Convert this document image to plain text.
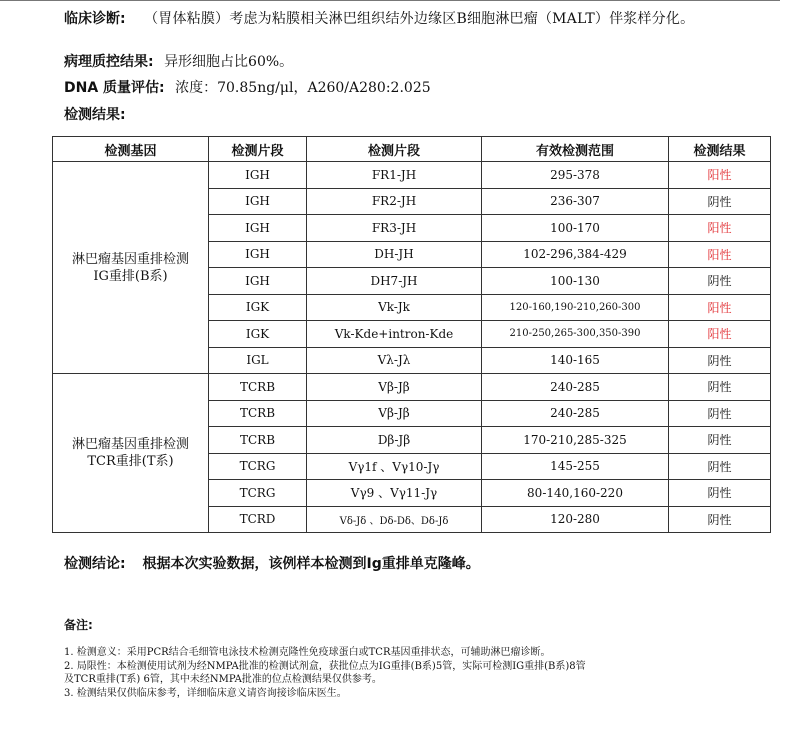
临床诊断: （胃体粘膜）考虑为粘膜相关淋巴组织结外边缘区B细胞淋巴瘤（MALT）伴浆样分化。
病理质控结果: 异形细胞占比60%。
DNA 质量评估: 浓度：70.85ng/μl，A260/A280:2.025
检测结果:
检测基因	检测片段	检测片段	有效检测范围	检测结果

淋巴瘤基因重排检测
IG重排(B系)	IGH	FR1-JH	295-378	阳性
	IGH	FR2-JH	236-307	阴性
	IGH	FR3-JH	100-170	阳性
	IGH	DH-JH	102-296,384-429	阳性
	IGH	DH7-JH	100-130	阴性
	IGK	Vk-Jk	120-160,190-210,260-300	阳性
	IGK	Vk-Kde+intron-Kde	210-250,265-300,350-390	阳性
	IGL	Vλ-Jλ	140-165	阴性

淋巴瘤基因重排检测
TCR重排(T系)	TCRB	Vβ-Jβ	240-285	阴性
	TCRB	Vβ-Jβ	240-285	阴性
	TCRB	Dβ-Jβ	170-210,285-325	阴性
	TCRG	Vγ1f 、Vγ10-Jγ	145-255	阴性
	TCRG	Vγ9 、Vγ11-Jγ	80-140,160-220	阴性
	TCRD	Vδ-Jδ 、Dδ-Dδ、Dδ-Jδ	120-280	阴性
检测结论: 根据本次实验数据，该例样本检测到Ig重排单克隆峰。
备注:
1. 检测意义：采用PCR结合毛细管电泳技术检测克隆性免疫球蛋白或TCR基因重排状态，可辅助淋巴瘤诊断。
2. 局限性：本检测使用试剂为经NMPA批准的检测试剂盒，获批位点为IG重排(B系)5管，实际可检测IG重排(B系)8管
及TCR重排(T系) 6管，其中未经NMPA批准的位点检测结果仅供参考。
3. 检测结果仅供临床参考，详细临床意义请咨询接诊临床医生。
